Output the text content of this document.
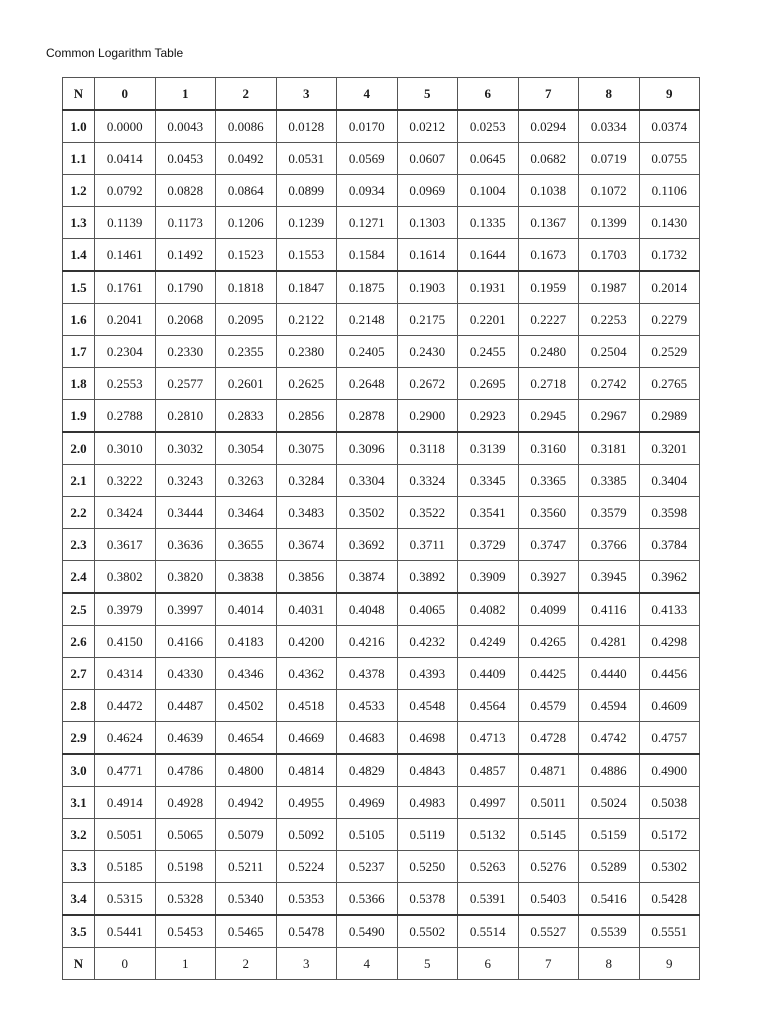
Common Logarithm Table
N	0	1	2	3	4	5	6	7	8	9
1.0	0.0000	0.0043	0.0086	0.0128	0.0170	0.0212	0.0253	0.0294	0.0334	0.0374
1.1	0.0414	0.0453	0.0492	0.0531	0.0569	0.0607	0.0645	0.0682	0.0719	0.0755
1.2	0.0792	0.0828	0.0864	0.0899	0.0934	0.0969	0.1004	0.1038	0.1072	0.1106
1.3	0.1139	0.1173	0.1206	0.1239	0.1271	0.1303	0.1335	0.1367	0.1399	0.1430
1.4	0.1461	0.1492	0.1523	0.1553	0.1584	0.1614	0.1644	0.1673	0.1703	0.1732
1.5	0.1761	0.1790	0.1818	0.1847	0.1875	0.1903	0.1931	0.1959	0.1987	0.2014
1.6	0.2041	0.2068	0.2095	0.2122	0.2148	0.2175	0.2201	0.2227	0.2253	0.2279
1.7	0.2304	0.2330	0.2355	0.2380	0.2405	0.2430	0.2455	0.2480	0.2504	0.2529
1.8	0.2553	0.2577	0.2601	0.2625	0.2648	0.2672	0.2695	0.2718	0.2742	0.2765
1.9	0.2788	0.2810	0.2833	0.2856	0.2878	0.2900	0.2923	0.2945	0.2967	0.2989
2.0	0.3010	0.3032	0.3054	0.3075	0.3096	0.3118	0.3139	0.3160	0.3181	0.3201
2.1	0.3222	0.3243	0.3263	0.3284	0.3304	0.3324	0.3345	0.3365	0.3385	0.3404
2.2	0.3424	0.3444	0.3464	0.3483	0.3502	0.3522	0.3541	0.3560	0.3579	0.3598
2.3	0.3617	0.3636	0.3655	0.3674	0.3692	0.3711	0.3729	0.3747	0.3766	0.3784
2.4	0.3802	0.3820	0.3838	0.3856	0.3874	0.3892	0.3909	0.3927	0.3945	0.3962
2.5	0.3979	0.3997	0.4014	0.4031	0.4048	0.4065	0.4082	0.4099	0.4116	0.4133
2.6	0.4150	0.4166	0.4183	0.4200	0.4216	0.4232	0.4249	0.4265	0.4281	0.4298
2.7	0.4314	0.4330	0.4346	0.4362	0.4378	0.4393	0.4409	0.4425	0.4440	0.4456
2.8	0.4472	0.4487	0.4502	0.4518	0.4533	0.4548	0.4564	0.4579	0.4594	0.4609
2.9	0.4624	0.4639	0.4654	0.4669	0.4683	0.4698	0.4713	0.4728	0.4742	0.4757
3.0	0.4771	0.4786	0.4800	0.4814	0.4829	0.4843	0.4857	0.4871	0.4886	0.4900
3.1	0.4914	0.4928	0.4942	0.4955	0.4969	0.4983	0.4997	0.5011	0.5024	0.5038
3.2	0.5051	0.5065	0.5079	0.5092	0.5105	0.5119	0.5132	0.5145	0.5159	0.5172
3.3	0.5185	0.5198	0.5211	0.5224	0.5237	0.5250	0.5263	0.5276	0.5289	0.5302
3.4	0.5315	0.5328	0.5340	0.5353	0.5366	0.5378	0.5391	0.5403	0.5416	0.5428
3.5	0.5441	0.5453	0.5465	0.5478	0.5490	0.5502	0.5514	0.5527	0.5539	0.5551
N	0	1	2	3	4	5	6	7	8	9
